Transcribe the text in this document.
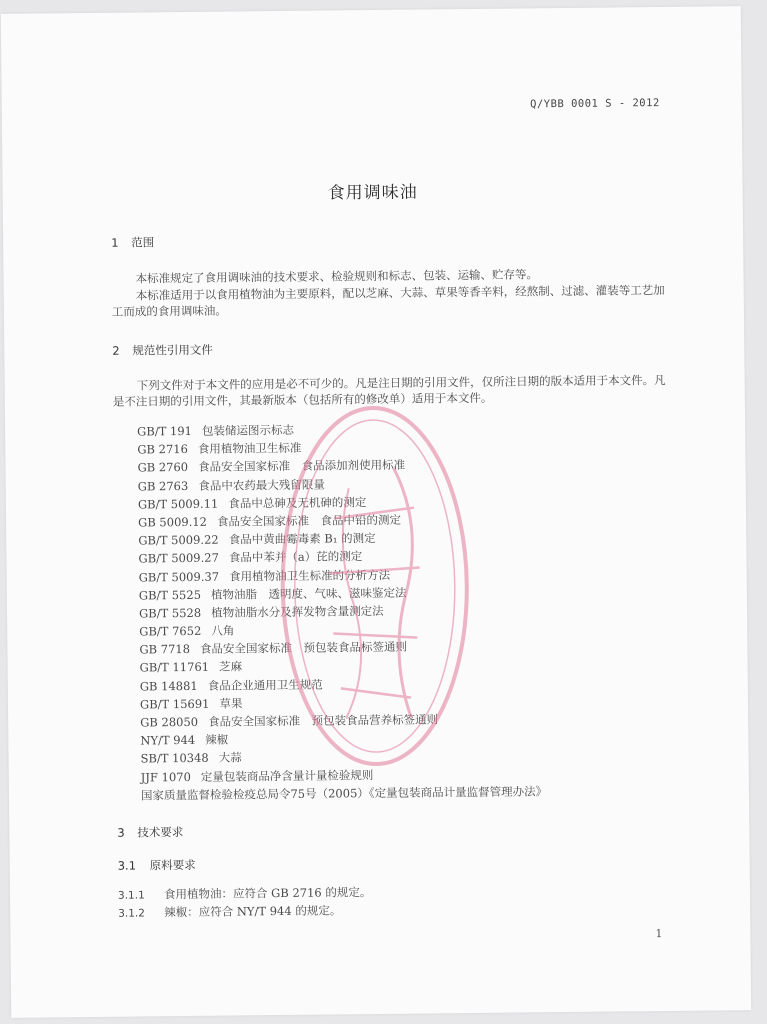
Q/YBB 0001 S - 2012
食用调味油
1 范围

本标准规定了食用调味油的技术要求、检验规则和标志、包装、运输、贮存等。

本标准适用于以食用植物油为主要原料，配以芝麻、大蒜、草果等香辛料，经熬制、过滤、灌装等工艺加工而成的食用调味油。

2 规范性引用文件

下列文件对于本文件的应用是必不可少的。凡是注日期的引用文件，仅所注日期的版本适用于本文件。凡是不注日期的引用文件，其最新版本（包括所有的修改单）适用于本文件。

GB/T 191 包装储运图示标志
GB 2716 食用植物油卫生标准
GB 2760 食品安全国家标准　食品添加剂使用标准
GB 2763 食品中农药最大残留限量
GB/T 5009.11 食品中总砷及无机砷的测定
GB 5009.12 食品安全国家标准　食品中铅的测定
GB/T 5009.22 食品中黄曲霉毒素 B₁ 的测定
GB/T 5009.27 食品中苯并（a）芘的测定
GB/T 5009.37 食用植物油卫生标准的分析方法
GB/T 5525 植物油脂　透明度、气味、滋味鉴定法
GB/T 5528 植物油脂水分及挥发物含量测定法
GB/T 7652 八角
GB 7718 食品安全国家标准　预包装食品标签通则
GB/T 11761 芝麻
GB 14881 食品企业通用卫生规范
GB/T 15691 草果
GB 28050 食品安全国家标准　预包装食品营养标签通则
NY/T 944 辣椒
SB/T 10348 大蒜
JJF 1070 定量包装商品净含量计量检验规则
国家质量监督检验检疫总局令75号（2005）《定量包装商品计量监督管理办法》
3 技术要求
3.1 原料要求
3.1.1 食用植物油：应符合 GB 2716 的规定。
3.1.2 辣椒：应符合 NY/T 944 的规定。
1
